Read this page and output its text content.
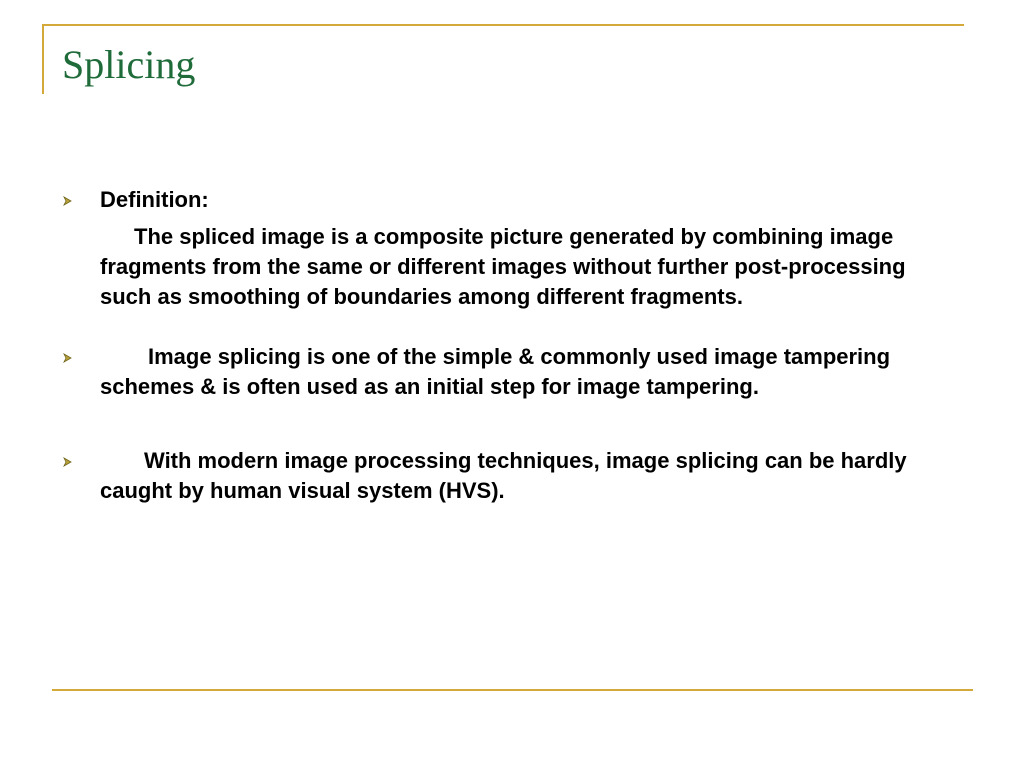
Splicing

Definition:

The spliced image is a composite picture generated by combining image fragments from the same or different images without further post-processing such as smoothing of boundaries among different fragments.

Image splicing is one of the simple & commonly used image tampering schemes & is often used as an initial step for image tampering.

With modern image processing techniques, image splicing can be hardly caught by human visual system (HVS).
